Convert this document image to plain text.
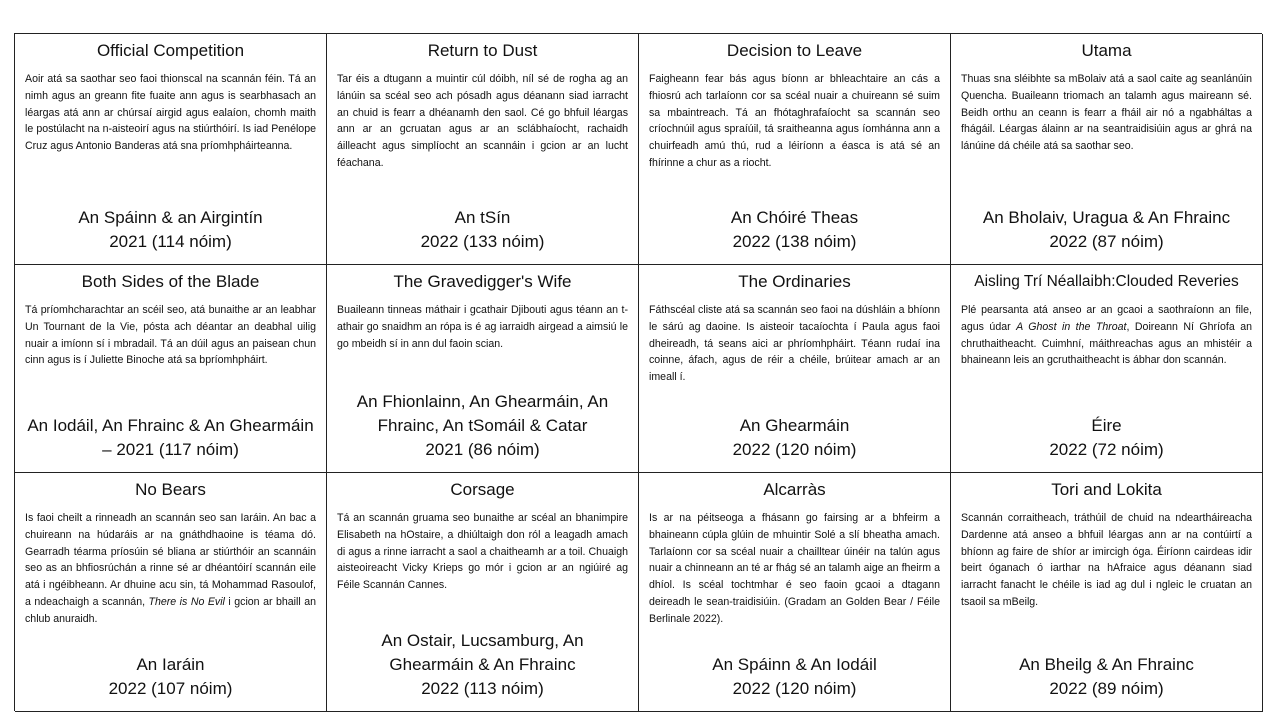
Official Competition

Aoir atá sa saothar seo faoi thionscal na scannán féin. Tá an nimh agus an greann fite fuaite ann agus is searbhasach an léargas atá ann ar chúrsaí airgid agus ealaíon, chomh maith le postúlacht na n-aisteoirí agus na stiúrthóirí. Is iad Penélope Cruz agus Antonio Banderas atá sna príomhpháirteanna.

An Spáinn & an Airgintín

2021 (114 nóim)

Return to Dust

Tar éis a dtugann a muintir cúl dóibh, níl sé de rogha ag an lánúin sa scéal seo ach pósadh agus déanann siad iarracht an chuid is fearr a dhéanamh den saol. Cé go bhfuil léargas ann ar an gcruatan agus ar an sclábhaíocht, rachaidh áilleacht agus simplíocht an scannáin i gcion ar an lucht féachana.

An tSín

2022 (133 nóim)

Decision to Leave

Faigheann fear bás agus bíonn ar bhleachtaire an cás a fhiosrú ach tarlaíonn cor sa scéal nuair a chuireann sé suim sa mbaintreach. Tá an fhótaghrafaíocht sa scannán seo críochnúil agus spraíúil, tá sraitheanna agus íomhánna ann a chuirfeadh amú thú, rud a léiríonn a éasca is atá sé an fhírinne a chur as a riocht.

An Chóiré Theas

2022 (138 nóim)

Utama

Thuas sna sléibhte sa mBolaiv atá a saol caite ag seanlánúin Quencha. Buaileann triomach an talamh agus maireann sé. Beidh orthu an ceann is fearr a fháil air nó a ngabháltas a fhágáil. Léargas álainn ar na seantraidisiúin agus ar ghrá na lánúine dá chéile atá sa saothar seo.

An Bholaiv, Uragua & An Fhrainc

2022 (87 nóim)

Both Sides of the Blade

Tá príomhcharachtar an scéil seo, atá bunaithe ar an leabhar Un Tournant de la Vie, pósta ach déantar an deabhal uilig nuair a imíonn sí i mbradail. Tá an dúil agus an paisean chun cinn agus is í Juliette Binoche atá sa bpríomhpháirt.

An Iodáil, An Fhrainc & An Ghearmáin – 2021 (117 nóim)

The Gravedigger's Wife

Buaileann tinneas máthair i gcathair Djibouti agus téann an t-athair go snaidhm an rópa is é ag iarraidh airgead a aimsiú le go mbeidh sí in ann dul faoin scian.

An Fhionlainn, An Ghearmáin, An Fhrainc, An tSomáil & Catar

2021 (86 nóim)

The Ordinaries

Fáthscéal cliste atá sa scannán seo faoi na dúshláin a bhíonn le sárú ag daoine. Is aisteoir tacaíochta í Paula agus faoi dheireadh, tá seans aici ar phríomhpháirt. Téann rudaí ina coinne, áfach, agus de réir a chéile, brúitear amach ar an imeall í.

An Ghearmáin

2022 (120 nóim)

Aisling Trí Néallaibh:Clouded Reveries

Plé pearsanta atá anseo ar an gcaoi a saothraíonn an file, agus údar A Ghost in the Throat, Doireann Ní Ghríofa an chruthaitheacht. Cuimhní, máithreachas agus an mhistéir a bhaineann leis an gcruthaitheacht is ábhar don scannán.

Éire

2022 (72 nóim)

No Bears

Is faoi cheilt a rinneadh an scannán seo san Iaráin. An bac a chuireann na húdaráis ar na gnáthdhaoine is téama dó. Gearradh téarma príosúin sé bliana ar stiúrthóir an scannáin seo as an bhfiosrúchán a rinne sé ar dhéantóirí scannán eile atá i ngéibheann. Ar dhuine acu sin, tá Mohammad Rasoulof, a ndeachaigh a scannán, There is No Evil i gcion ar bhaill an chlub anuraidh.

An Iaráin

2022 (107 nóim)

Corsage

Tá an scannán gruama seo bunaithe ar scéal an bhanimpire Elisabeth na hOstaire, a dhiúltaigh don ról a leagadh amach di agus a rinne iarracht a saol a chaitheamh ar a toil. Chuaigh aisteoireacht Vicky Krieps go mór i gcion ar an ngiúiré ag Féile Scannán Cannes.

An Ostair, Lucsamburg, An Ghearmáin & An Fhrainc

2022 (113 nóim)

Alcarràs

Is ar na péitseoga a fhásann go fairsing ar a bhfeirm a bhaineann cúpla glúin de mhuintir Solé a slí bheatha amach. Tarlaíonn cor sa scéal nuair a chailltear úinéir na talún agus nuair a chinneann an té ar fhág sé an talamh aige an fheirm a dhíol. Is scéal tochtmhar é seo faoin gcaoi a dtagann deireadh le sean-traidisiúin. (Gradam an Golden Bear / Féile Berlinale 2022).

An Spáinn & An Iodáil

2022 (120 nóim)

Tori and Lokita

Scannán corraitheach, tráthúil de chuid na ndeartháireacha Dardenne atá anseo a bhfuil léargas ann ar na contúirtí a bhíonn ag faire de shíor ar imircigh óga. Éiríonn cairdeas idir beirt óganach ó iarthar na hAfraice agus déanann siad iarracht fanacht le chéile is iad ag dul i ngleic le cruatan an tsaoil sa mBeilg.

An Bheilg & An Fhrainc

2022 (89 nóim)
